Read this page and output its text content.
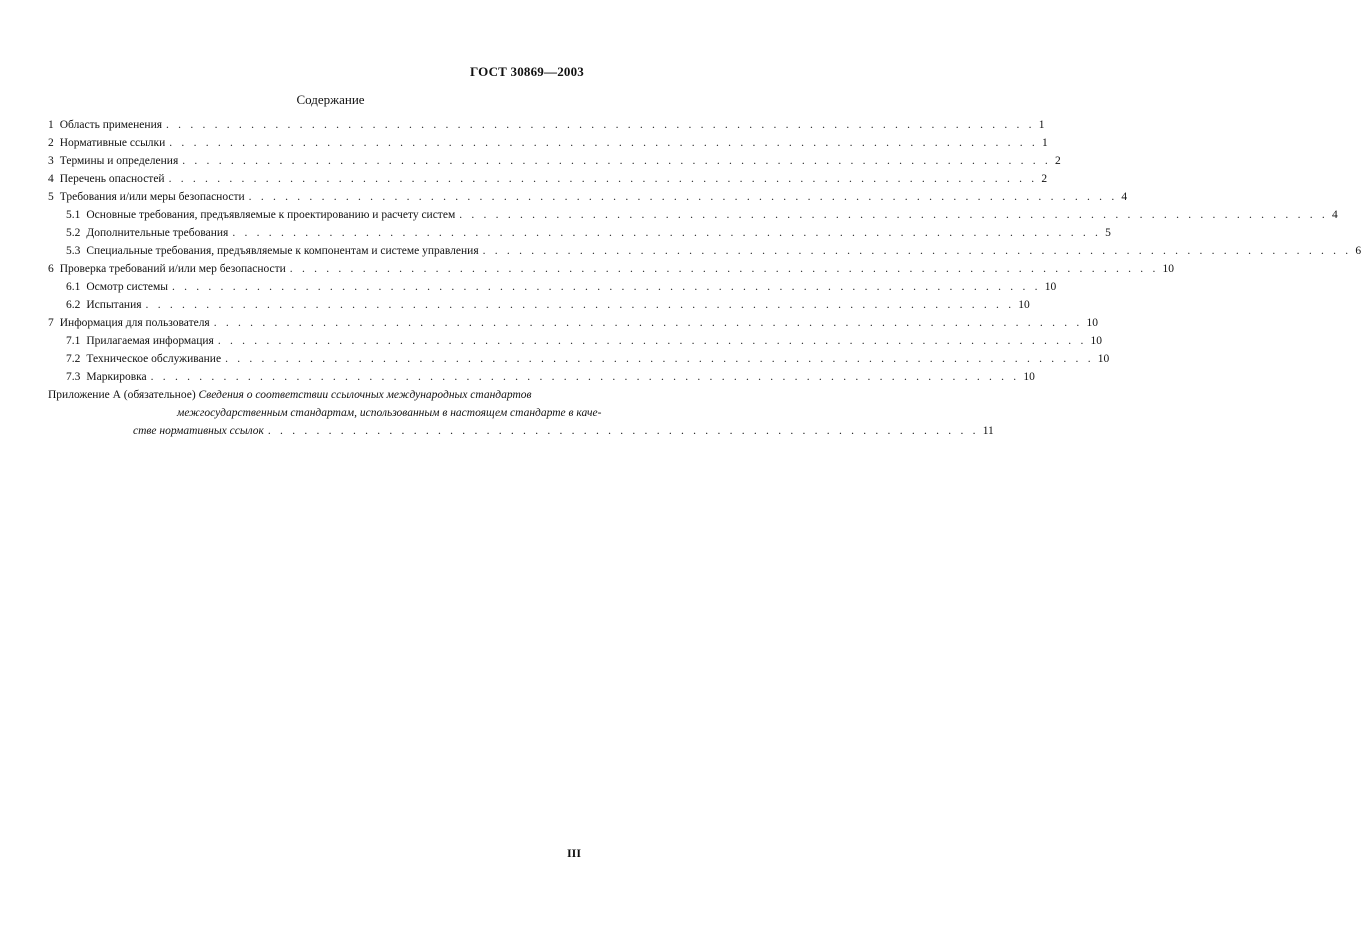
ГОСТ 30869—2003
Содержание
1 Область применения . . . . . . . . . . . . . . . . . . . . . . . . . . . . . . . . . . . . . . . . . . . . . . . . . . . . . . . . . . . . . . . . . . . . . . . . 1
2 Нормативные ссылки . . . . . . . . . . . . . . . . . . . . . . . . . . . . . . . . . . . . . . . . . . . . . . . . . . . . . . . . . . . . . . . . . . . . . . . . 1
3 Термины и определения . . . . . . . . . . . . . . . . . . . . . . . . . . . . . . . . . . . . . . . . . . . . . . . . . . . . . . . . . . . . . . . . . . . . . . . . 2
4 Перечень опасностей . . . . . . . . . . . . . . . . . . . . . . . . . . . . . . . . . . . . . . . . . . . . . . . . . . . . . . . . . . . . . . . . . . . . . . . . 2
5 Требования и/или меры безопасности . . . . . . . . . . . . . . . . . . . . . . . . . . . . . . . . . . . . . . . . . . . . . . . . . . . . . . . . . . . . . . . . . . . . . . . . 4
5.1 Основные требования, предъявляемые к проектированию и расчету систем . . . . . . . . . . . . . . . . . . . . . . . . . . . . . . . . . . . . . . . . . . . . . . . . . . . . . . . . . . . . . . . . . . . . . . . . 4
5.2 Дополнительные требования . . . . . . . . . . . . . . . . . . . . . . . . . . . . . . . . . . . . . . . . . . . . . . . . . . . . . . . . . . . . . . . . . . . . . . . . 5
5.3 Специальные требования, предъявляемые к компонентам и системе управления . . . . . . . . . . . . . . . . . . . . . . . . . . . . . . . . . . . . . . . . . . . . . . . . . . . . . . . . . . . . . . . . . . . . . . . . 6
6 Проверка требований и/или мер безопасности . . . . . . . . . . . . . . . . . . . . . . . . . . . . . . . . . . . . . . . . . . . . . . . . . . . . . . . . . . . . . . . . . . . . . . . . 10
6.1 Осмотр системы . . . . . . . . . . . . . . . . . . . . . . . . . . . . . . . . . . . . . . . . . . . . . . . . . . . . . . . . . . . . . . . . . . . . . . . . 10
6.2 Испытания . . . . . . . . . . . . . . . . . . . . . . . . . . . . . . . . . . . . . . . . . . . . . . . . . . . . . . . . . . . . . . . . . . . . . . . . 10
7 Информация для пользователя . . . . . . . . . . . . . . . . . . . . . . . . . . . . . . . . . . . . . . . . . . . . . . . . . . . . . . . . . . . . . . . . . . . . . . . . 10
7.1 Прилагаемая информация . . . . . . . . . . . . . . . . . . . . . . . . . . . . . . . . . . . . . . . . . . . . . . . . . . . . . . . . . . . . . . . . . . . . . . . . 10
7.2 Техническое обслуживание . . . . . . . . . . . . . . . . . . . . . . . . . . . . . . . . . . . . . . . . . . . . . . . . . . . . . . . . . . . . . . . . . . . . . . . . 10
7.3 Маркировка . . . . . . . . . . . . . . . . . . . . . . . . . . . . . . . . . . . . . . . . . . . . . . . . . . . . . . . . . . . . . . . . . . . . . . . . 10
Приложение А (обязательное) Сведения о соответствии ссылочных международных стандартов
межгосударственным стандартам, использованным в настоящем стандарте в каче-
стве нормативных ссылок . . . . . . . . . . . . . . . . . . . . . . . . . . . . . . . . . . . . . . . . . . . . . . . . . . . . . . . . . . . 11
III
